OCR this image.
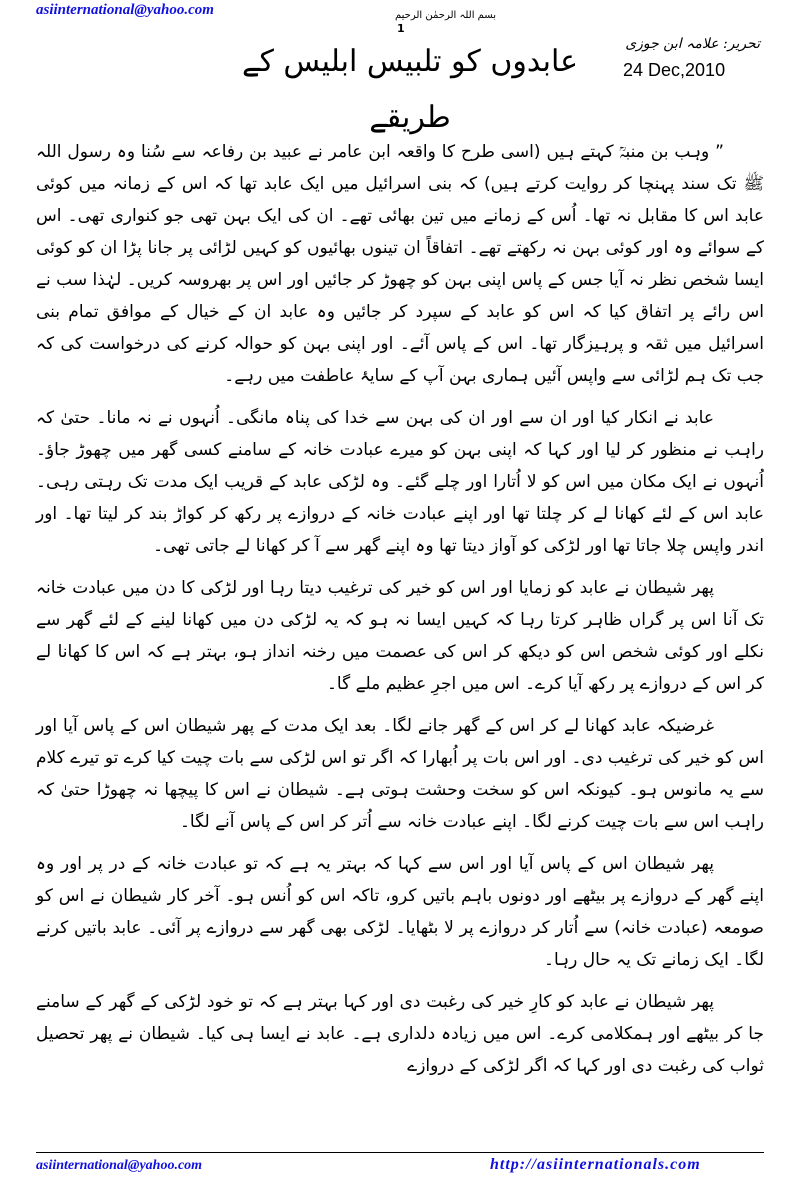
asiinternational@yahoo.com	بسم اللہ الرحمٰن الرحیم
1
عابدوں کو تلبیس ابلیس کے طریقے
تحریر: علامہ ابن جوزی
24 Dec,2010

” وہب بن منبہؒ کہتے ہیں (اسی طرح کا واقعہ ابن عامر نے عبید بن رفاعہ سے سُنا وہ رسول اللہ ﷺ تک سند پہنچا کر روایت کرتے ہیں) کہ بنی اسرائیل میں ایک عابد تھا کہ اس کے زمانہ میں کوئی عابد اس کا مقابل نہ تھا۔ اُس کے زمانے میں تین بھائی تھے۔ ان کی ایک بہن تھی جو کنواری تھی۔ اس کے سوائے وہ اور کوئی بہن نہ رکھتے تھے۔ اتفاقاً ان تینوں بھائیوں کو کہیں لڑائی پر جانا پڑا ان کو کوئی ایسا شخص نظر نہ آیا جس کے پاس اپنی بہن کو چھوڑ کر جائیں اور اس پر بھروسہ کریں۔ لہٰذا سب نے اس رائے پر اتفاق کیا کہ اس کو عابد کے سپرد کر جائیں وہ عابد ان کے خیال کے موافق تمام بنی اسرائیل میں ثقہ و پرہیزگار تھا۔ اس کے پاس آئے۔ اور اپنی بہن کو حوالہ کرنے کی درخواست کی کہ جب تک ہم لڑائی سے واپس آئیں ہماری بہن آپ کے سایۂ عاطفت میں رہے۔

عابد نے انکار کیا اور ان سے اور ان کی بہن سے خدا کی پناہ مانگی۔ اُنہوں نے نہ مانا۔ حتیٰ کہ راہب نے منظور کر لیا اور کہا کہ اپنی بہن کو میرے عبادت خانہ کے سامنے کسی گھر میں چھوڑ جاؤ۔ اُنہوں نے ایک مکان میں اس کو لا اُتارا اور چلے گئے۔ وہ لڑکی عابد کے قریب ایک مدت تک رہتی رہی۔ عابد اس کے لئے کھانا لے کر چلتا تھا اور اپنے عبادت خانہ کے دروازے پر رکھ کر کواڑ بند کر لیتا تھا۔ اور اندر واپس چلا جاتا تھا اور لڑکی کو آواز دیتا تھا وہ اپنے گھر سے آ کر کھانا لے جاتی تھی۔

پھر شیطان نے عابد کو زمایا اور اس کو خیر کی ترغیب دیتا رہا اور لڑکی کا دن میں عبادت خانہ تک آنا اس پر گراں ظاہر کرتا رہا کہ کہیں ایسا نہ ہو کہ یہ لڑکی دن میں کھانا لینے کے لئے گھر سے نکلے اور کوئی شخص اس کو دیکھ کر اس کی عصمت میں رخنہ انداز ہو، بہتر ہے کہ اس کا کھانا لے کر اس کے دروازے پر رکھ آیا کرے۔ اس میں اجرِ عظیم ملے گا۔

غرضیکہ عابد کھانا لے کر اس کے گھر جانے لگا۔ بعد ایک مدت کے پھر شیطان اس کے پاس آیا اور اس کو خیر کی ترغیب دی۔ اور اس بات پر اُبھارا کہ اگر تو اس لڑکی سے بات چیت کیا کرے تو تیرے کلام سے یہ مانوس ہو۔ کیونکہ اس کو سخت وحشت ہوتی ہے۔ شیطان نے اس کا پیچھا نہ چھوڑا حتیٰ کہ راہب اس سے بات چیت کرنے لگا۔ اپنے عبادت خانہ سے اُتر کر اس کے پاس آنے لگا۔

پھر شیطان اس کے پاس آیا اور اس سے کہا کہ بہتر یہ ہے کہ تو عبادت خانہ کے در پر اور وہ اپنے گھر کے دروازے پر بیٹھے اور دونوں باہم باتیں کرو، تاکہ اس کو اُنس ہو۔ آخر کار شیطان نے اس کو صومعہ (عبادت خانہ) سے اُتار کر دروازے پر لا بٹھایا۔ لڑکی بھی گھر سے دروازے پر آئی۔ عابد باتیں کرنے لگا۔ ایک زمانے تک یہ حال رہا۔

پھر شیطان نے عابد کو کارِ خیر کی رغبت دی اور کہا بہتر ہے کہ تو خود لڑکی کے گھر کے سامنے جا کر بیٹھے اور ہمکلامی کرے۔ اس میں زیادہ دلداری ہے۔ عابد نے ایسا ہی کیا۔ شیطان نے پھر تحصیل ثواب کی رغبت دی اور کہا کہ اگر لڑکی کے دروازے

asiinternational@yahoo.com	http://asiinternationals.com
